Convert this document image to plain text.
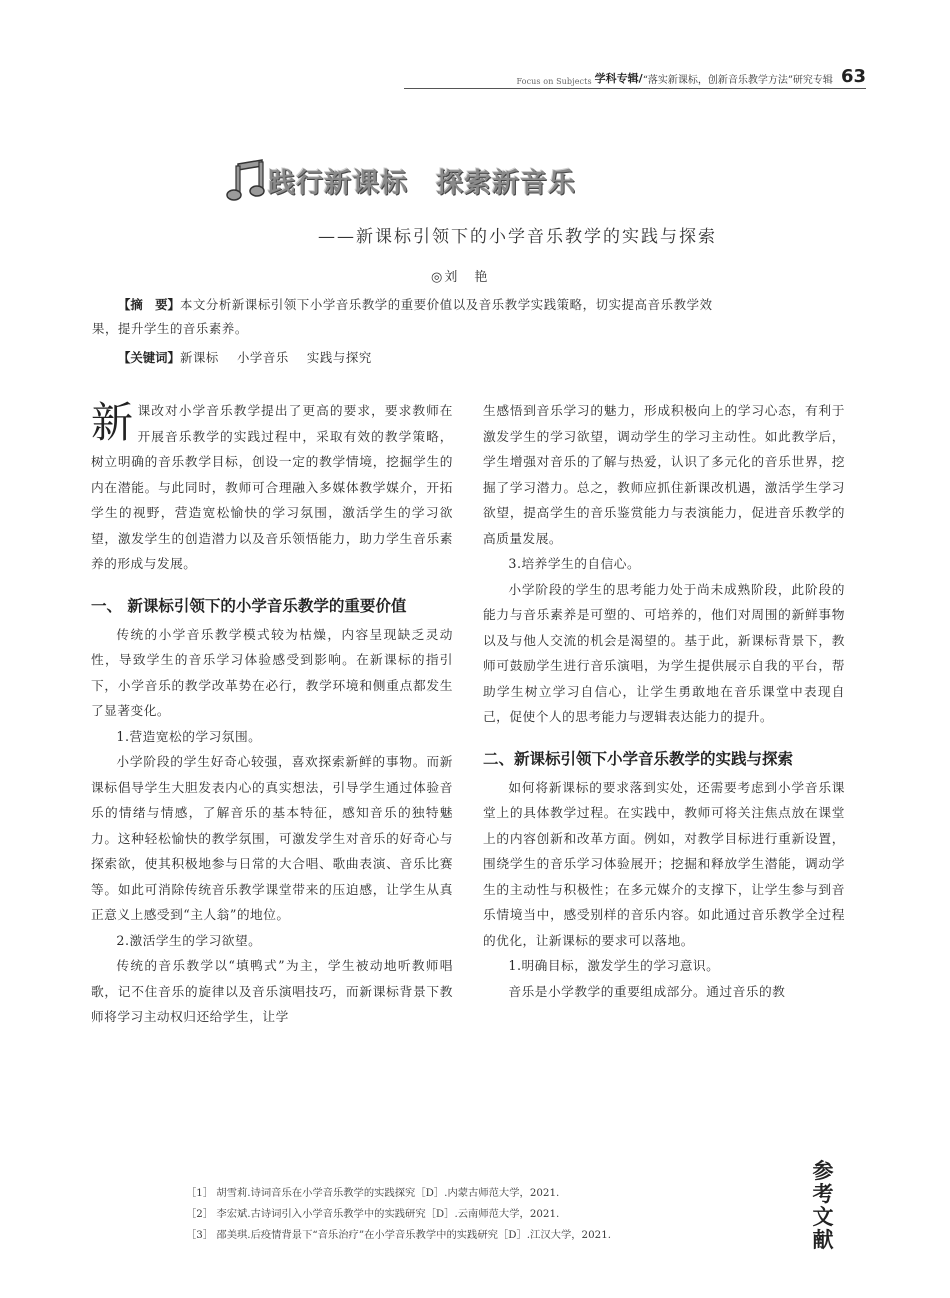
Focus on Subjects 学科专辑/ “落实新课标，创新音乐教学方法”研究专辑 63
践行新课标　探索新音乐
——新课标引领下的小学音乐教学的实践与探索
◎刘　艳
【摘　要】本文分析新课标引领下小学音乐教学的重要价值以及音乐教学实践策略，切实提高音乐教学效
果，提升学生的音乐素养。
【关键词】新课标 小学音乐 实践与探究
新课改对小学音乐教学提出了更高的要求，要求教师在开展音乐教学的实践过程中，采取有效的教学策略，树立明确的音乐教学目标，创设一定的教学情境，挖掘学生的内在潜能。与此同时，教师可合理融入多媒体教学媒介，开拓学生的视野，营造宽松愉快的学习氛围，激活学生的学习欲望，激发学生的创造潜力以及音乐领悟能力，助力学生音乐素养的形成与发展。
一、 新课标引领下的小学音乐教学的重要价值

传统的小学音乐教学模式较为枯燥，内容呈现缺乏灵动性，导致学生的音乐学习体验感受到影响。在新课标的指引下，小学音乐的教学改革势在必行，教学环境和侧重点都发生了显著变化。

1.营造宽松的学习氛围。

小学阶段的学生好奇心较强，喜欢探索新鲜的事物。而新课标倡导学生大胆发表内心的真实想法，引导学生通过体验音乐的情绪与情感，了解音乐的基本特征，感知音乐的独特魅力。这种轻松愉快的教学氛围，可激发学生对音乐的好奇心与探索欲，使其积极地参与日常的大合唱、歌曲表演、音乐比赛等。如此可消除传统音乐教学课堂带来的压迫感，让学生从真正意义上感受到“主人翁”的地位。

2.激活学生的学习欲望。

传统的音乐教学以“填鸭式”为主，学生被动地听教师唱歌，记不住音乐的旋律以及音乐演唱技巧，而新课标背景下教师将学习主动权归还给学生，让学

生感悟到音乐学习的魅力，形成积极向上的学习心态，有利于激发学生的学习欲望，调动学生的学习主动性。如此教学后，学生增强对音乐的了解与热爱，认识了多元化的音乐世界，挖掘了学习潜力。总之，教师应抓住新课改机遇，激活学生学习欲望，提高学生的音乐鉴赏能力与表演能力，促进音乐教学的高质量发展。

3.培养学生的自信心。

小学阶段的学生的思考能力处于尚未成熟阶段，此阶段的能力与音乐素养是可塑的、可培养的，他们对周围的新鲜事物以及与他人交流的机会是渴望的。基于此，新课标背景下，教师可鼓励学生进行音乐演唱，为学生提供展示自我的平台，帮助学生树立学习自信心，让学生勇敢地在音乐课堂中表现自己，促使个人的思考能力与逻辑表达能力的提升。

二、新课标引领下小学音乐教学的实践与探索

如何将新课标的要求落到实处，还需要考虑到小学音乐课堂上的具体教学过程。在实践中，教师可将关注焦点放在课堂上的内容创新和改革方面。例如，对教学目标进行重新设置，围绕学生的音乐学习体验展开；挖掘和释放学生潜能，调动学生的主动性与积极性；在多元媒介的支撑下，让学生参与到音乐情境当中，感受别样的音乐内容。如此通过音乐教学全过程的优化，让新课标的要求可以落地。

1.明确目标，激发学生的学习意识。

音乐是小学教学的重要组成部分。通过音乐的教

［1］ 胡雪莉.诗词音乐在小学音乐教学的实践探究［D］.内蒙古师范大学，2021.
［2］ 李宏斌.古诗词引入小学音乐教学中的实践研究［D］.云南师范大学，2021.
［3］ 邵美琪.后疫情背景下“音乐治疗”在小学音乐教学中的实践研究［D］.江汉大学，2021.
参考文献
